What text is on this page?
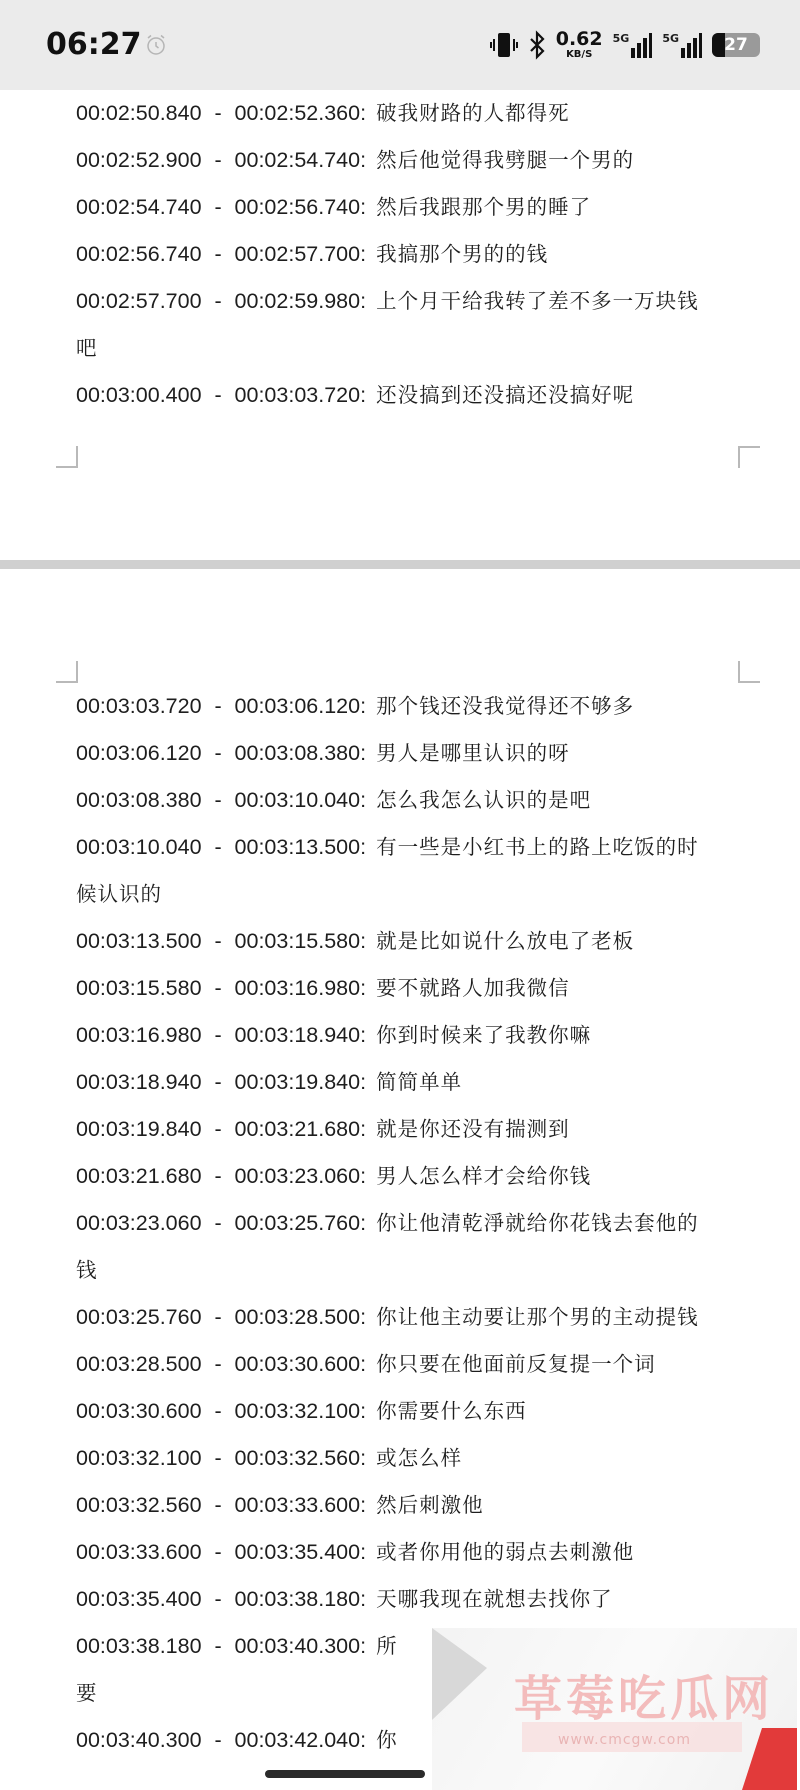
06:27	0.62
KB/S
5G	5G	27
00:02:50.840 - 00:02:52.360: 破我财路的人都得死
00:02:52.900 - 00:02:54.740: 然后他觉得我劈腿一个男的
00:02:54.740 - 00:02:56.740: 然后我跟那个男的睡了
00:02:56.740 - 00:02:57.700: 我搞那个男的的钱
00:02:57.700 - 00:02:59.980: 上个月干给我转了差不多一万块钱
吧
00:03:00.400 - 00:03:03.720: 还没搞到还没搞还没搞好呢
00:03:03.720 - 00:03:06.120: 那个钱还没我觉得还不够多
00:03:06.120 - 00:03:08.380: 男人是哪里认识的呀
00:03:08.380 - 00:03:10.040: 怎么我怎么认识的是吧
00:03:10.040 - 00:03:13.500: 有一些是小红书上的路上吃饭的时
候认识的
00:03:13.500 - 00:03:15.580: 就是比如说什么放电了老板
00:03:15.580 - 00:03:16.980: 要不就路人加我微信
00:03:16.980 - 00:03:18.940: 你到时候来了我教你嘛
00:03:18.940 - 00:03:19.840: 简简单单
00:03:19.840 - 00:03:21.680: 就是你还没有揣测到
00:03:21.680 - 00:03:23.060: 男人怎么样才会给你钱
00:03:23.060 - 00:03:25.760: 你让他清乾淨就给你花钱去套他的
钱
00:03:25.760 - 00:03:28.500: 你让他主动要让那个男的主动提钱
00:03:28.500 - 00:03:30.600: 你只要在他面前反复提一个词
00:03:30.600 - 00:03:32.100: 你需要什么东西
00:03:32.100 - 00:03:32.560: 或怎么样
00:03:32.560 - 00:03:33.600: 然后刺激他
00:03:33.600 - 00:03:35.400: 或者你用他的弱点去刺激他
00:03:35.400 - 00:03:38.180: 天哪我现在就想去找你了
00:03:38.180 - 00:03:40.300: 所
要
00:03:40.300 - 00:03:42.040: 你
草莓吃瓜网
www.cmcgw.com
